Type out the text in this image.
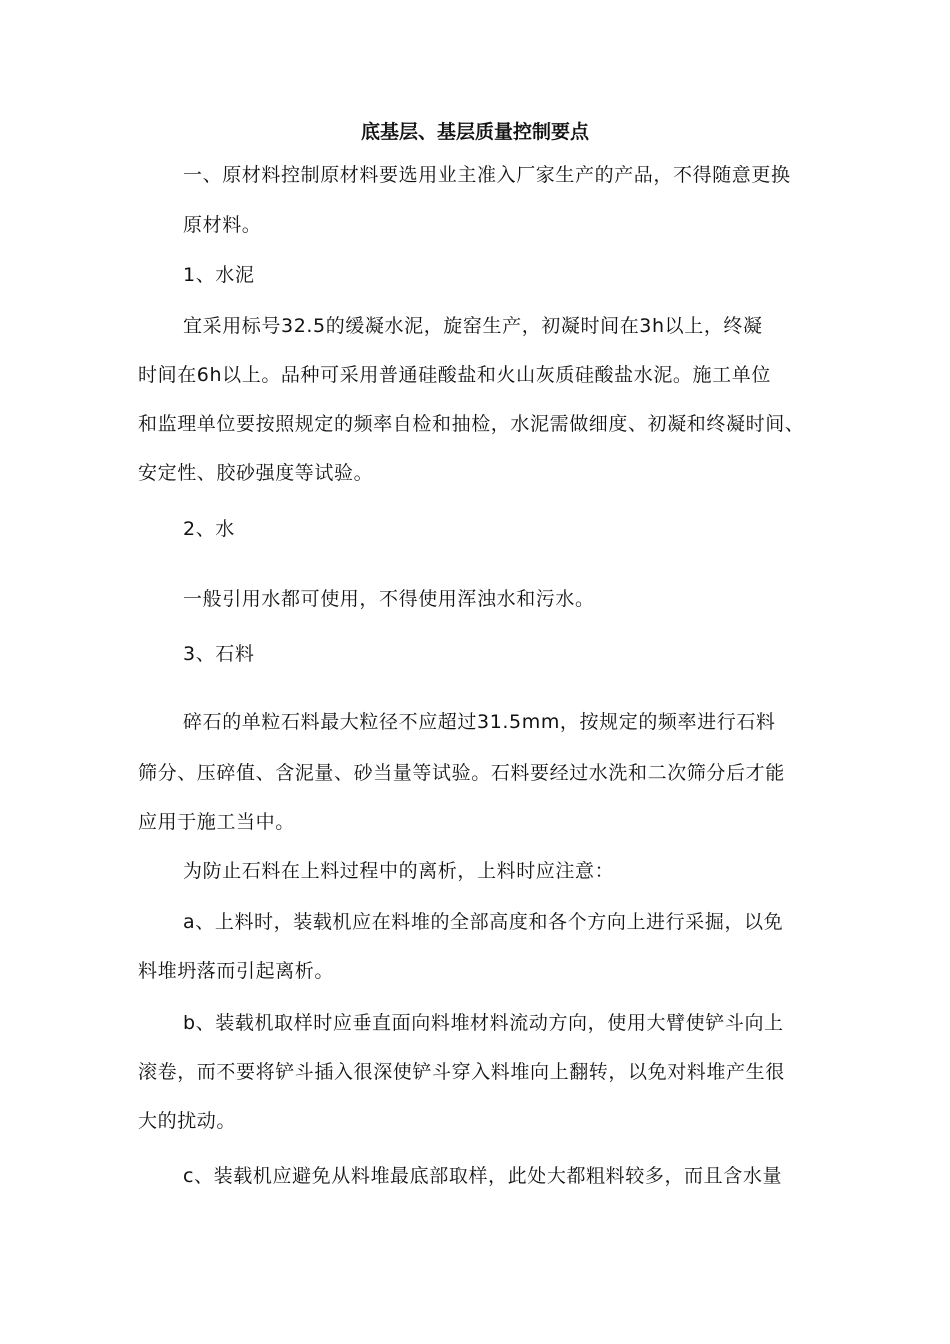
底基层、基层质量控制要点
一、原材料控制原材料要选用业主准入厂家生产的产品，不得随意更换
原材料。
1、水泥
宜采用标号32.5的缓凝水泥，旋窑生产，初凝时间在3h以上，终凝
时间在6h以上。品种可采用普通硅酸盐和火山灰质硅酸盐水泥。施工单位
和监理单位要按照规定的频率自检和抽检，水泥需做细度、初凝和终凝时间、
安定性、胶砂强度等试验。
2、水
一般引用水都可使用，不得使用浑浊水和污水。
3、石料
碎石的单粒石料最大粒径不应超过31.5mm，按规定的频率进行石料
筛分、压碎值、含泥量、砂当量等试验。石料要经过水洗和二次筛分后才能
应用于施工当中。
为防止石料在上料过程中的离析，上料时应注意：
a、上料时，装载机应在料堆的全部高度和各个方向上进行采掘，以免
料堆坍落而引起离析。
b、装载机取样时应垂直面向料堆材料流动方向，使用大臂使铲斗向上
滚卷，而不要将铲斗插入很深使铲斗穿入料堆向上翻转，以免对料堆产生很
大的扰动。
c、装载机应避免从料堆最底部取样，此处大都粗料较多，而且含水量
